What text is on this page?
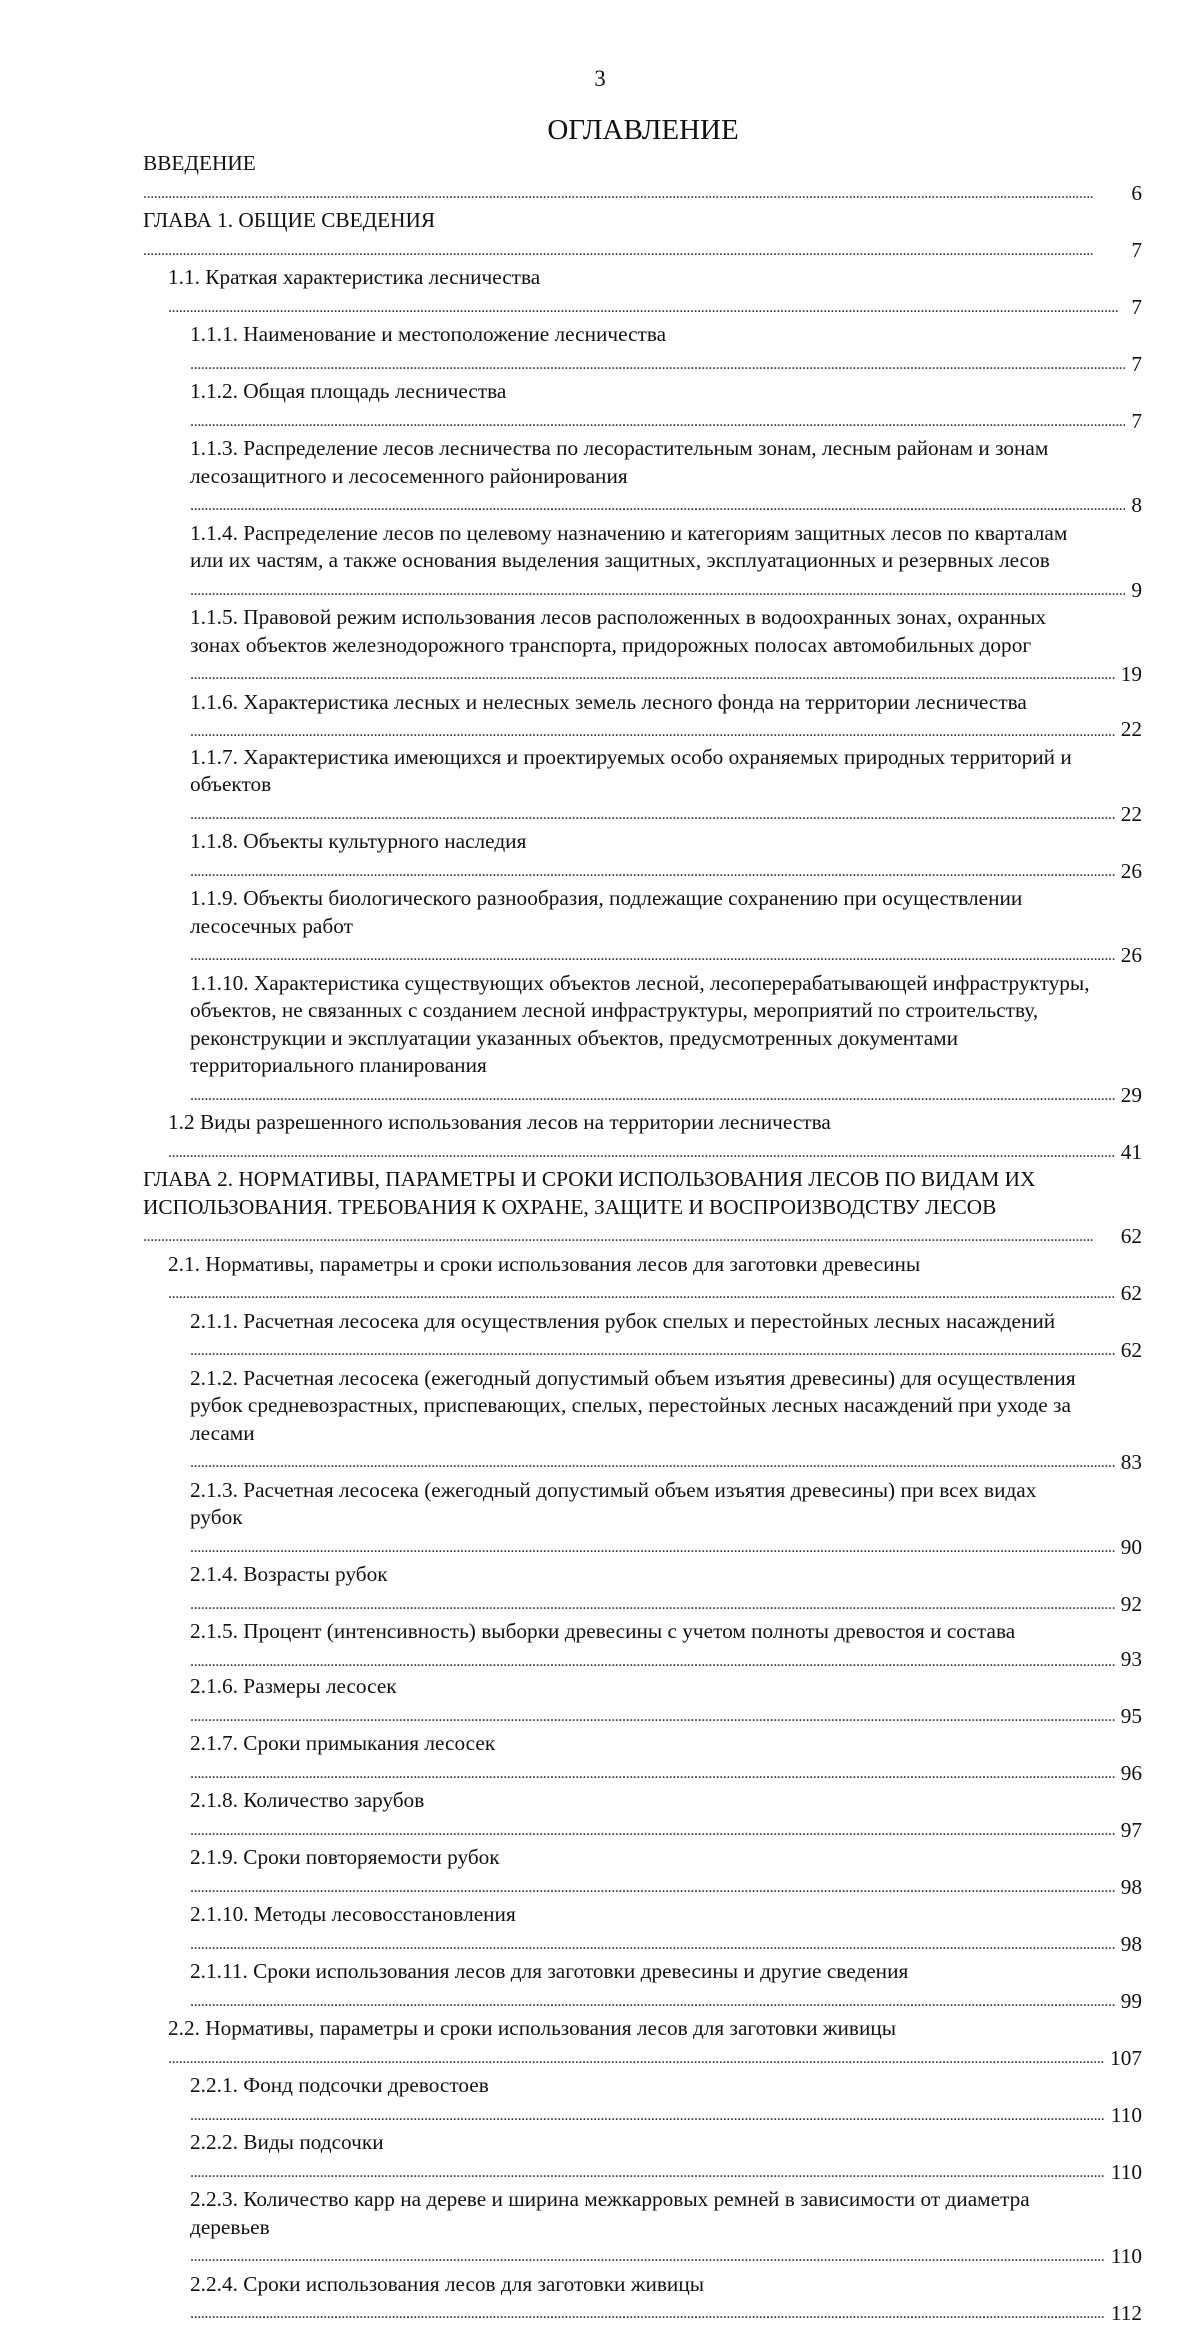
3
ОГЛАВЛЕНИЕ
ВВЕДЕНИЕ . . .
6
ГЛАВА 1. ОБЩИЕ СВЕДЕНИЯ . . .
7
1.1. Краткая характеристика лесничества . . .
7
1.1.1. Наименование и местоположение лесничества . . .
7
1.1.2. Общая площадь лесничества . . .
7
1.1.3. Распределение лесов лесничества по лесорастительным зонам, лесным районам и зонам лесозащитного и лесосеменного районирования . . .
8
1.1.4. Распределение лесов по целевому назначению и категориям защитных лесов по кварталам или их частям, а также основания выделения защитных, эксплуатационных и резервных лесов . . .
9
1.1.5. Правовой режим использования лесов расположенных в водоохранных зонах, охранных зонах объектов железнодорожного транспорта, придорожных полосах автомобильных дорог . . .
19
1.1.6. Характеристика лесных и нелесных земель лесного фонда на территории лесничества
. . .
22
1.1.7. Характеристика имеющихся и проектируемых особо охраняемых природных территорий и объектов . . .
22
1.1.8. Объекты культурного наследия . . .
26
1.1.9. Объекты биологического разнообразия, подлежащие сохранению при осуществлении лесосечных работ . . .
26
1.1.10. Характеристика существующих объектов лесной, лесоперерабатывающей инфраструктуры, объектов, не связанных с созданием лесной инфраструктуры, мероприятий по строительству, реконструкции и эксплуатации указанных объектов, предусмотренных документами территориального планирования . . .
29
1.2 Виды разрешенного использования лесов на территории лесничества . . .
41
ГЛАВА 2. НОРМАТИВЫ, ПАРАМЕТРЫ И СРОКИ ИСПОЛЬЗОВАНИЯ ЛЕСОВ ПО ВИДАМ ИХ ИСПОЛЬЗОВАНИЯ. ТРЕБОВАНИЯ К ОХРАНЕ, ЗАЩИТЕ И ВОСПРОИЗВОДСТВУ ЛЕСОВ . . .
62
2.1. Нормативы, параметры и сроки использования лесов для заготовки древесины . . .
62
2.1.1. Расчетная лесосека для осуществления рубок спелых и перестойных лесных насаждений . . .
62
2.1.2. Расчетная лесосека (ежегодный допустимый объем изъятия древесины) для осуществления рубок средневозрастных, приспевающих, спелых, перестойных лесных насаждений при уходе за лесами . . .
83
2.1.3. Расчетная лесосека (ежегодный допустимый объем изъятия древесины) при всех видах рубок . . .
90
2.1.4. Возрасты рубок . . .
92
2.1.5. Процент (интенсивность) выборки древесины с учетом полноты древостоя и состава
. . .
93
2.1.6. Размеры лесосек . . .
95
2.1.7. Сроки примыкания лесосек . . .
96
2.1.8. Количество зарубов . . .
97
2.1.9. Сроки повторяемости рубок . . .
98
2.1.10. Методы лесовосстановления . . .
98
2.1.11. Сроки использования лесов для заготовки древесины и другие сведения . . .
99
2.2. Нормативы, параметры и сроки использования лесов для заготовки живицы . . .
107
2.2.1. Фонд подсочки древостоев . . .
110
2.2.2. Виды подсочки . . .
110
2.2.3. Количество карр на дереве и ширина межкарровых ремней в зависимости от диаметра деревьев . . .
110
2.2.4. Сроки использования лесов для заготовки живицы . . .
112
